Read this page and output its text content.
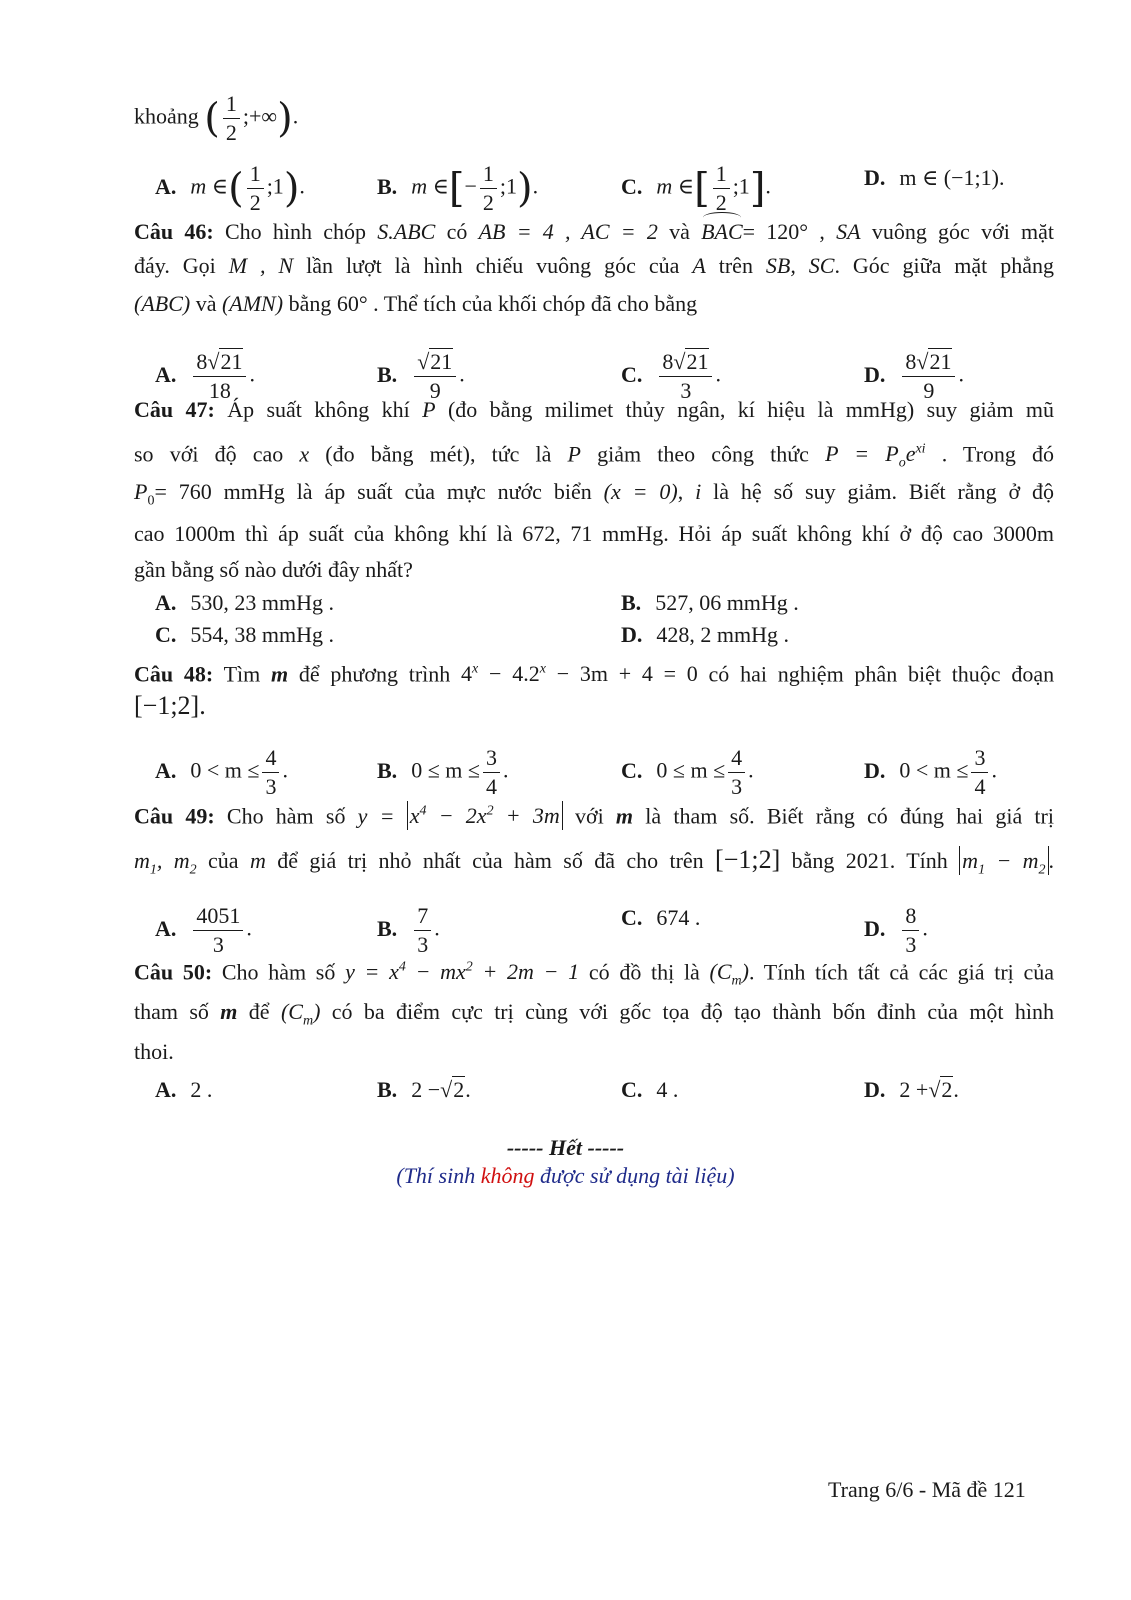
khoảng ( $\frac{1}{2}$ ;+∞).
A. m ∈( $\frac{1}{2}$ ;1).	B. m ∈[− $\frac{1}{2}$ ;1).	C. m ∈[ $\frac{1}{2}$ ;1].	D. m ∈ (−1;1).
Câu 46: Cho hình chóp S.ABC có AB = 4 , AC = 2 và BAC= 120° , SA vuông góc với mặt
đáy. Gọi M , N lần lượt là hình chiếu vuông góc của A trên SB, SC. Góc giữa mặt phẳng
(ABC) và (AMN) bằng 60° . Thể tích của khối chóp đã cho bằng
A. $\frac{8√21}{18}$ .	B. $\frac{√21}{9}$ .	C. $\frac{8√21}{3}$ .	D. $\frac{8√21}{9}$ .
Câu 47: Áp suất không khí P (đo bằng milimet thủy ngân, kí hiệu là mmHg) suy giảm mũ
so với độ cao x (đo bằng mét), tức là P giảm theo công thức $P = P_oe^{xi}$ . Trong đó
$P_0= 760$ mmHg là áp suất của mực nước biển (x = 0), i là hệ số suy giảm. Biết rằng ở độ
cao 1000m thì áp suất của không khí là 672, 71 mmHg. Hỏi áp suất không khí ở độ cao 3000m
gần bằng số nào dưới đây nhất?
A. 530, 23 mmHg .	B. 527, 06 mmHg .
C. 554, 38 mmHg .	D. 428, 2 mmHg .
Câu 48: Tìm m để phương trình $4^x - 4.2^x - 3m + 4 = 0$ có hai nghiệm phân biệt thuộc đoạn
[−1;2].
A. $0 < m \le \frac{4}{3}$ .	B. $0 \le m \le \frac{3}{4}$ .	C. $0 \le m \le \frac{4}{3}$ .	D. $0 < m \le \frac{3}{4}$ .
Câu 49: Cho hàm số $y = x^4 - 2x^2 + 3m$ với m là tham số. Biết rằng có đúng hai giá trị
$m_1$, $m_2$ của m để giá trị nhỏ nhất của hàm số đã cho trên [−1;2] bằng 2021. Tính $m_1 - m_2$ .
A. $\frac{4051}{3}$ .	B. $\frac{7}{3}$ .	C. 674 .	D. $\frac{8}{3}$ .
Câu 50: Cho hàm số $y = x^4 - mx^2 + 2m - 1$ có đồ thị là $(C_m)$. Tính tích tất cả các giá trị của
tham số m để $(C_m)$ có ba điểm cực trị cùng với gốc tọa độ tạo thành bốn đỉnh của một hình
thoi.
A. 2 .	B. 2 −√2.	C. 4 .	D. 2 +√2.
----- Hết -----
(Thí sinh không được sử dụng tài liệu)
Trang 6/6 - Mã đề 121
